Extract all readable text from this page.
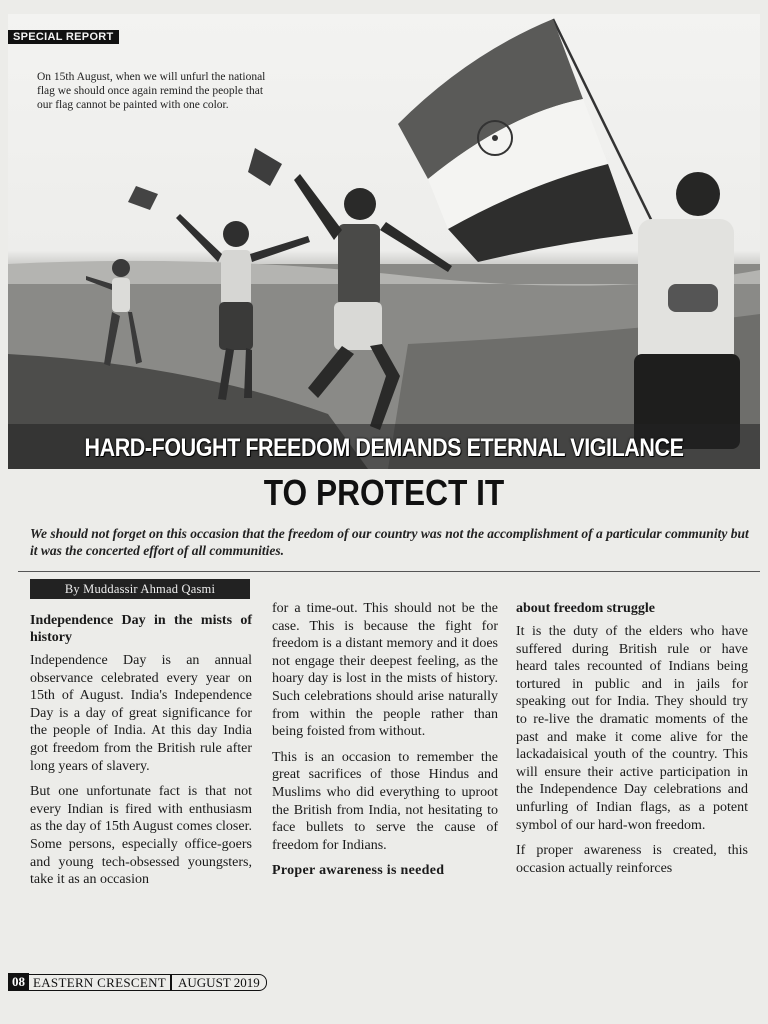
SPECIAL REPORT
On 15th August, when we will unfurl the national flag we should once again remind the people that our flag cannot be painted with one color.
HARD-FOUGHT FREEDOM DEMANDS ETERNAL VIGILANCE
TO PROTECT IT
We should not forget on this occasion that the freedom of our country was not the accomplishment of a particular community but it was the concerted effort of all communities.
By Muddassir Ahmad Qasmi
Independence Day in the mists of history

Independence Day is an annual observance celebrated every year on 15th of August. India's Independence Day is a day of great significance for the people of India. At this day India got freedom from the British rule after long years of slavery.

But one unfortunate fact is that not every Indian is fired with enthusiasm as the day of 15th August comes closer. Some persons, especially office-goers and young tech-obsessed youngsters, take it as an occasion

for a time-out. This should not be the case. This is because the fight for freedom is a distant memory and it does not engage their deepest feeling, as the hoary day is lost in the mists of history. Such celebrations should arise naturally from within the people rather than being foisted from without.

This is an occasion to remember the great sacrifices of those Hindus and Muslims who did everything to uproot the British from India, not hesitating to face bullets to serve the cause of freedom for Indians.

Proper awareness is needed
about freedom struggle

It is the duty of the elders who have suffered during British rule or have heard tales recounted of Indians being tortured in public and in jails for speaking out for India. They should try to re-live the dramatic moments of the past and make it come alive for the lackadaisical youth of the country. This will ensure their active participation in the Independence Day celebrations and unfurling of Indian flags, as a potent symbol of our hard-won freedom.

If proper awareness is created, this occasion actually reinforces

08 EASTERN CRESCENT AUGUST 2019
